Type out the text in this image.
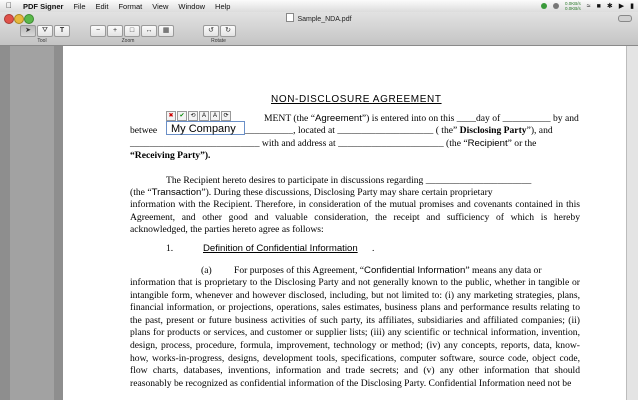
PDF Signer File Edit Format View Window Help	0.0KB/s
0.0KB/s ≈ ■ ✱ ▶ ▮
Sample_NDA.pdf
➤	⛛	T
Tool
−	+	□	↔	▦
Zoom
↺	↻
Rotate
NON-DISCLOSURE AGREEMENT
MENT (the “Agreement”) is entered into on this ____day of __________ by and
betwee	__________, located at ____________________ ( the” Disclosing Party”), and
___________________________ with and address at ______________________ (the “Recipient” or the
“Receiving Party”).
The Recipient hereto desires to participate in discussions regarding ______________________
(the “Transaction”). During these discussions, Disclosing Party may share certain proprietary
information with the Recipient. Therefore, in consideration of the mutual promises and covenants contained in this Agreement, and other good and valuable consideration, the receipt and sufficiency of which is hereby acknowledged, the parties hereto agree as follows:
1.	Definition of Confidential Information .
(a) For purposes of this Agreement, “Confidential Information” means any data or
information that is proprietary to the Disclosing Party and not generally known to the public, whether in tangible or intangible form, whenever and however disclosed, including, but not limited to: (i) any marketing strategies, plans, financial information, or projections, operations, sales estimates, business plans and performance results relating to the past, present or future business activities of such party, its affiliates, subsidiaries and affiliated companies; (ii) plans for products or services, and customer or supplier lists; (iii) any scientific or technical information, invention, design, process, procedure, formula, improvement, technology or method; (iv) any concepts, reports, data, know-how, works-in-progress, designs, development tools, specifications, computer software, source code, object code, flow charts, databases, inventions, information and trade secrets; and (v) any other information that should reasonably be recognized as confidential information of the Disclosing Party. Confidential Information need not be
✖ ✔ ⟲	A	A	⟳
My Company
